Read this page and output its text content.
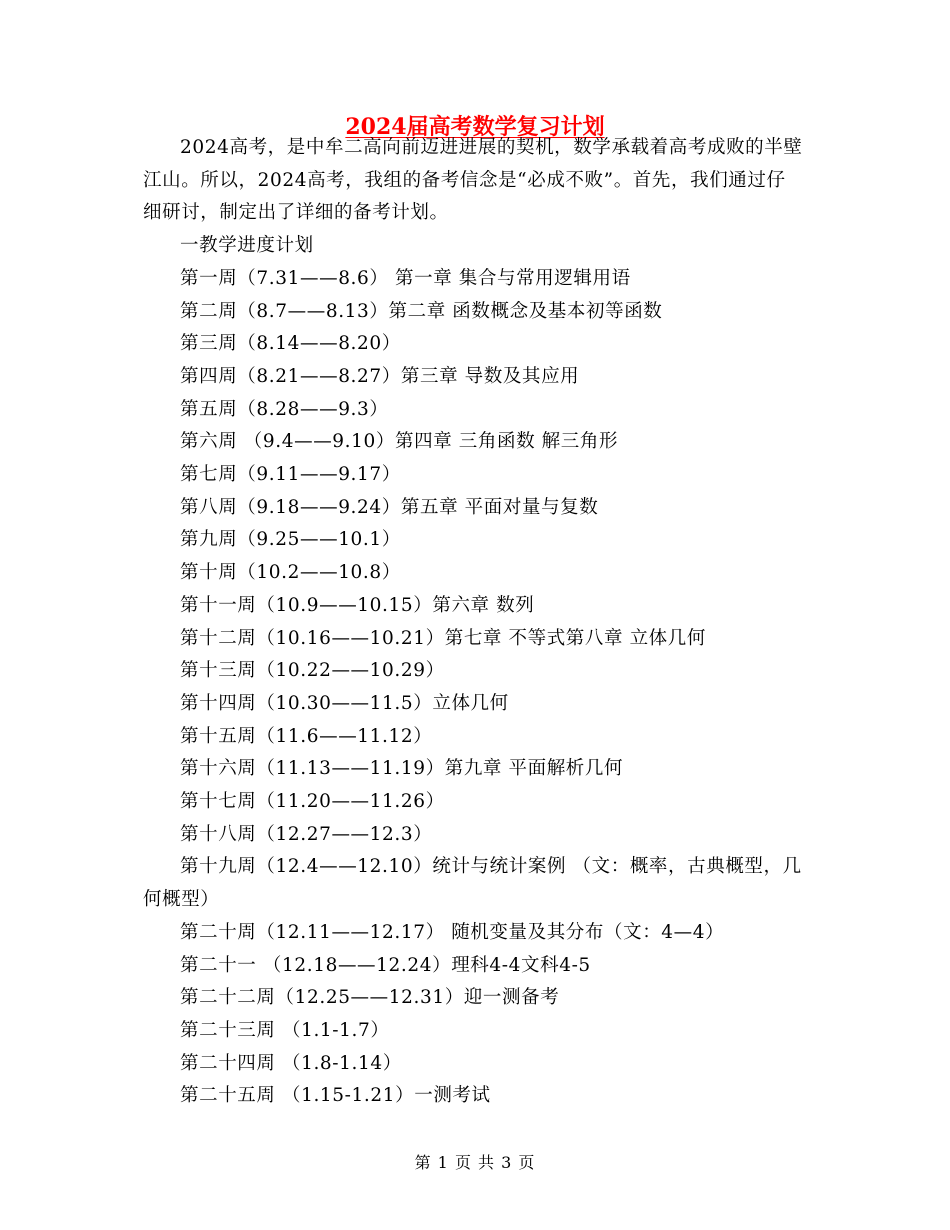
2024届高考数学复习计划

2024高考，是中牟二高向前迈进进展的契机，数学承载着高考成败的半壁江山。所以，2024高考，我组的备考信念是“必成不败”。首先，我们通过仔细研讨，制定出了详细的备考计划。

一教学进度计划

第一周（7.31——8.6） 第一章 集合与常用逻辑用语

第二周（8.7——8.13）第二章 函数概念及基本初等函数

第三周（8.14——8.20）

第四周（8.21——8.27）第三章 导数及其应用

第五周（8.28——9.3）

第六周 （9.4——9.10）第四章 三角函数 解三角形

第七周（9.11——9.17）

第八周（9.18——9.24）第五章 平面对量与复数

第九周（9.25——10.1）

第十周（10.2——10.8）

第十一周（10.9——10.15）第六章 数列

第十二周（10.16——10.21）第七章 不等式第八章 立体几何

第十三周（10.22——10.29）

第十四周（10.30——11.5）立体几何

第十五周（11.6——11.12）

第十六周（11.13——11.19）第九章 平面解析几何

第十七周（11.20——11.26）

第十八周（12.27——12.3）

第十九周（12.4——12.10）统计与统计案例 （文：概率，古典概型，几何概型）

第二十周（12.11——12.17） 随机变量及其分布（文：4—4）

第二十一 （12.18——12.24）理科4-4文科4-5

第二十二周（12.25——12.31）迎一测备考

第二十三周 （1.1-1.7）

第二十四周 （1.8-1.14）

第二十五周 （1.15-1.21）一测考试

第 1 页 共 3 页
